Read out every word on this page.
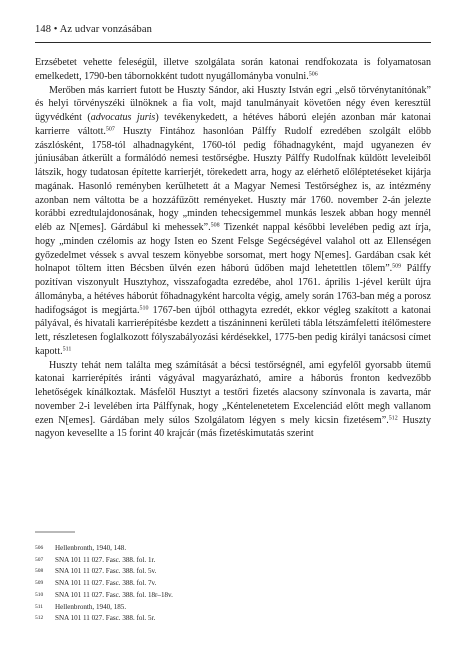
148 • Az udvar vonzásában

Erzsébetet vehette feleségül, illetve szolgálata során katonai rendfokozata is folyamatosan emelkedett, 1790-ben tábornokként tudott nyugállományba vonulni.$^{506}$

Merőben más karriert futott be Huszty Sándor, aki Huszty István egri „első törvénytanítónak” és helyi törvényszéki ülnöknek a fia volt, majd tanulmányait követően négy éven keresztül ügyvédként (advocatus juris) tevékenykedett, a hétéves háború elején azonban már katonai karrierre váltott.$^{507}$ Huszty Fintához hasonlóan Pálffy Rudolf ezredében szolgált előbb zászlósként, 1758-tól alhadnagyként, 1760-tól pedig főhadnagyként, majd ugyanezen év júniusában átkerült a formálódó nemesi testőrségbe. Huszty Pálffy Rudolfnak küldött leveleiből látszik, hogy tudatosan építette karrierjét, törekedett arra, hogy az elérhető előléptetéseket kijárja magának. Hasonló reményben kerülhetett át a Magyar Nemesi Testőrséghez is, az intézmény azonban nem váltotta be a hozzáfűzött reményeket. Huszty már 1760. november 2-án jelezte korábbi ezredtulajdonosának, hogy „minden tehecsigemmel munkás leszek abban hogy mennél eléb az N[emes]. Gárdábul ki mehessek”.$^{508}$ Tizenkét nappal későbbi levelében pedig azt írja, hogy „minden czélomis az hogy Isten eo Szent Felsge Segécségével valahol ott az Ellenségen győzedelmet véssek s avval teszem könyebbe sorsomat, mert hogy N[emes]. Gardában csak két holnapot töltem itten Bécsben ülvén ezen háború üdőben majd lehetettlen tőlem”.$^{509}$ Pálffy pozitívan viszonyult Husztyhoz, visszafogadta ezredébe, ahol 1761. április 1-jével került újra állományba, a hétéves háborút főhadnagyként harcolta végig, amely során 1763-ban még a porosz hadifogságot is megjárta.$^{510}$ 1767-ben újból otthagyta ezredét, ekkor végleg szakított a katonai pályával, és hivatali karrierépítésbe kezdett a tiszáninneni kerületi tábla létszámfeletti ítélőmestere lett, részletesen foglalkozott fólyszabályozási kérdésekkel, 1775-ben pedig királyi tanácsosi címet kapott.$^{511}$

Huszty tehát nem találta meg számítását a bécsi testőrségnél, ami egyfelől gyorsabb ütemű katonai karrierépítés iránti vágyával magyarázható, amire a háborús fronton kedvezőbb lehetőségek kínálkoztak. Másfelől Husztyt a testőri fizetés alacsony színvonala is zavarta, már november 2-i levelében írta Pálffynak, hogy „Kéntelenetetem Excelenciád előtt megh vallanom ezen N[emes]. Gárdában mely súlos Szolgálatom légyen s mely kicsin fizetésem”.$^{512}$ Huszty nagyon kevesellte a 15 forint 40 krajcár (más fizetéskimutatás szerint

506	Hellenbronth, 1940, 148.
507	SNA 101 11 027. Fasc. 388. fol. 1r.
508	SNA 101 11 027. Fasc. 388. fol. 5v.
509	SNA 101 11 027. Fasc. 388. fol. 7v.
510	SNA 101 11 027. Fasc. 388. fol. 18r–18v.
511	Hellenbronth, 1940, 185.
512	SNA 101 11 027. Fasc. 388. fol. 5r.
